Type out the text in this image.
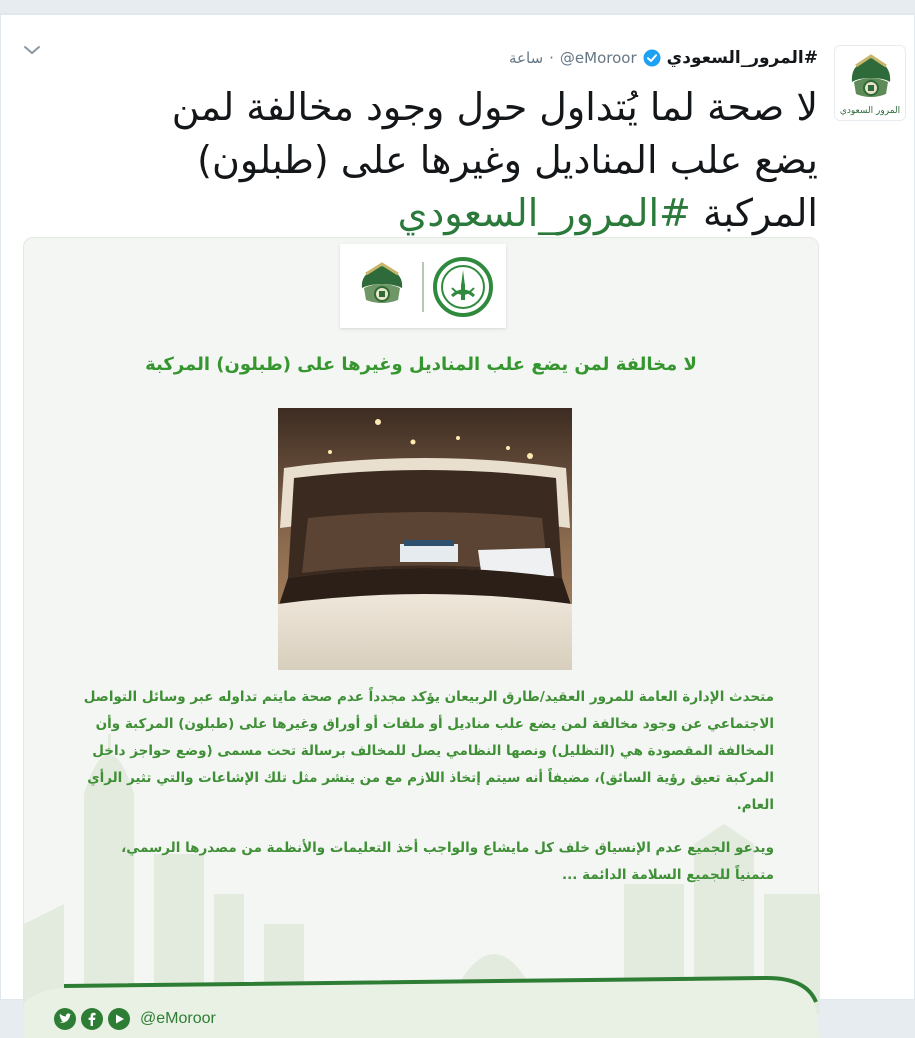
المرور السعودي
#المرور_السعودي
@eMoroor
·
ساعة
لا صحة لما يُتداول حول وجود مخالفة لمن يضع علب المناديل وغيرها على (طبلون) المركبة #المرور_السعودي
لا مخالفة لمن يضع علب المناديل وغيرها على (طبلون) المركبة

متحدث الإدارة العامة للمرور العقيد/طارق الربيعان يؤكد مجدداً عدم صحة مايتم تداوله عبر وسائل التواصل الاجتماعي عن وجود مخالفة لمن يضع علب مناديل أو ملفات أو أوراق وغيرها على (طبلون) المركبة وأن المخالفة المقصودة هي (التظليل) ونصها النظامي يصل للمخالف برسالة تحت مسمى (وضع حواجز داخل المركبة تعيق رؤية السائق)، مضيفاً أنه سيتم إتخاذ اللازم مع من ينشر مثل تلك الإشاعات والتي تثير الرأي العام.

ويدعو الجميع عدم الإنسياق خلف كل مايشاع والواجب أخذ التعليمات والأنظمة من مصدرها الرسمي، متمنياً للجميع السلامة الدائمة ...

@eMoroor
